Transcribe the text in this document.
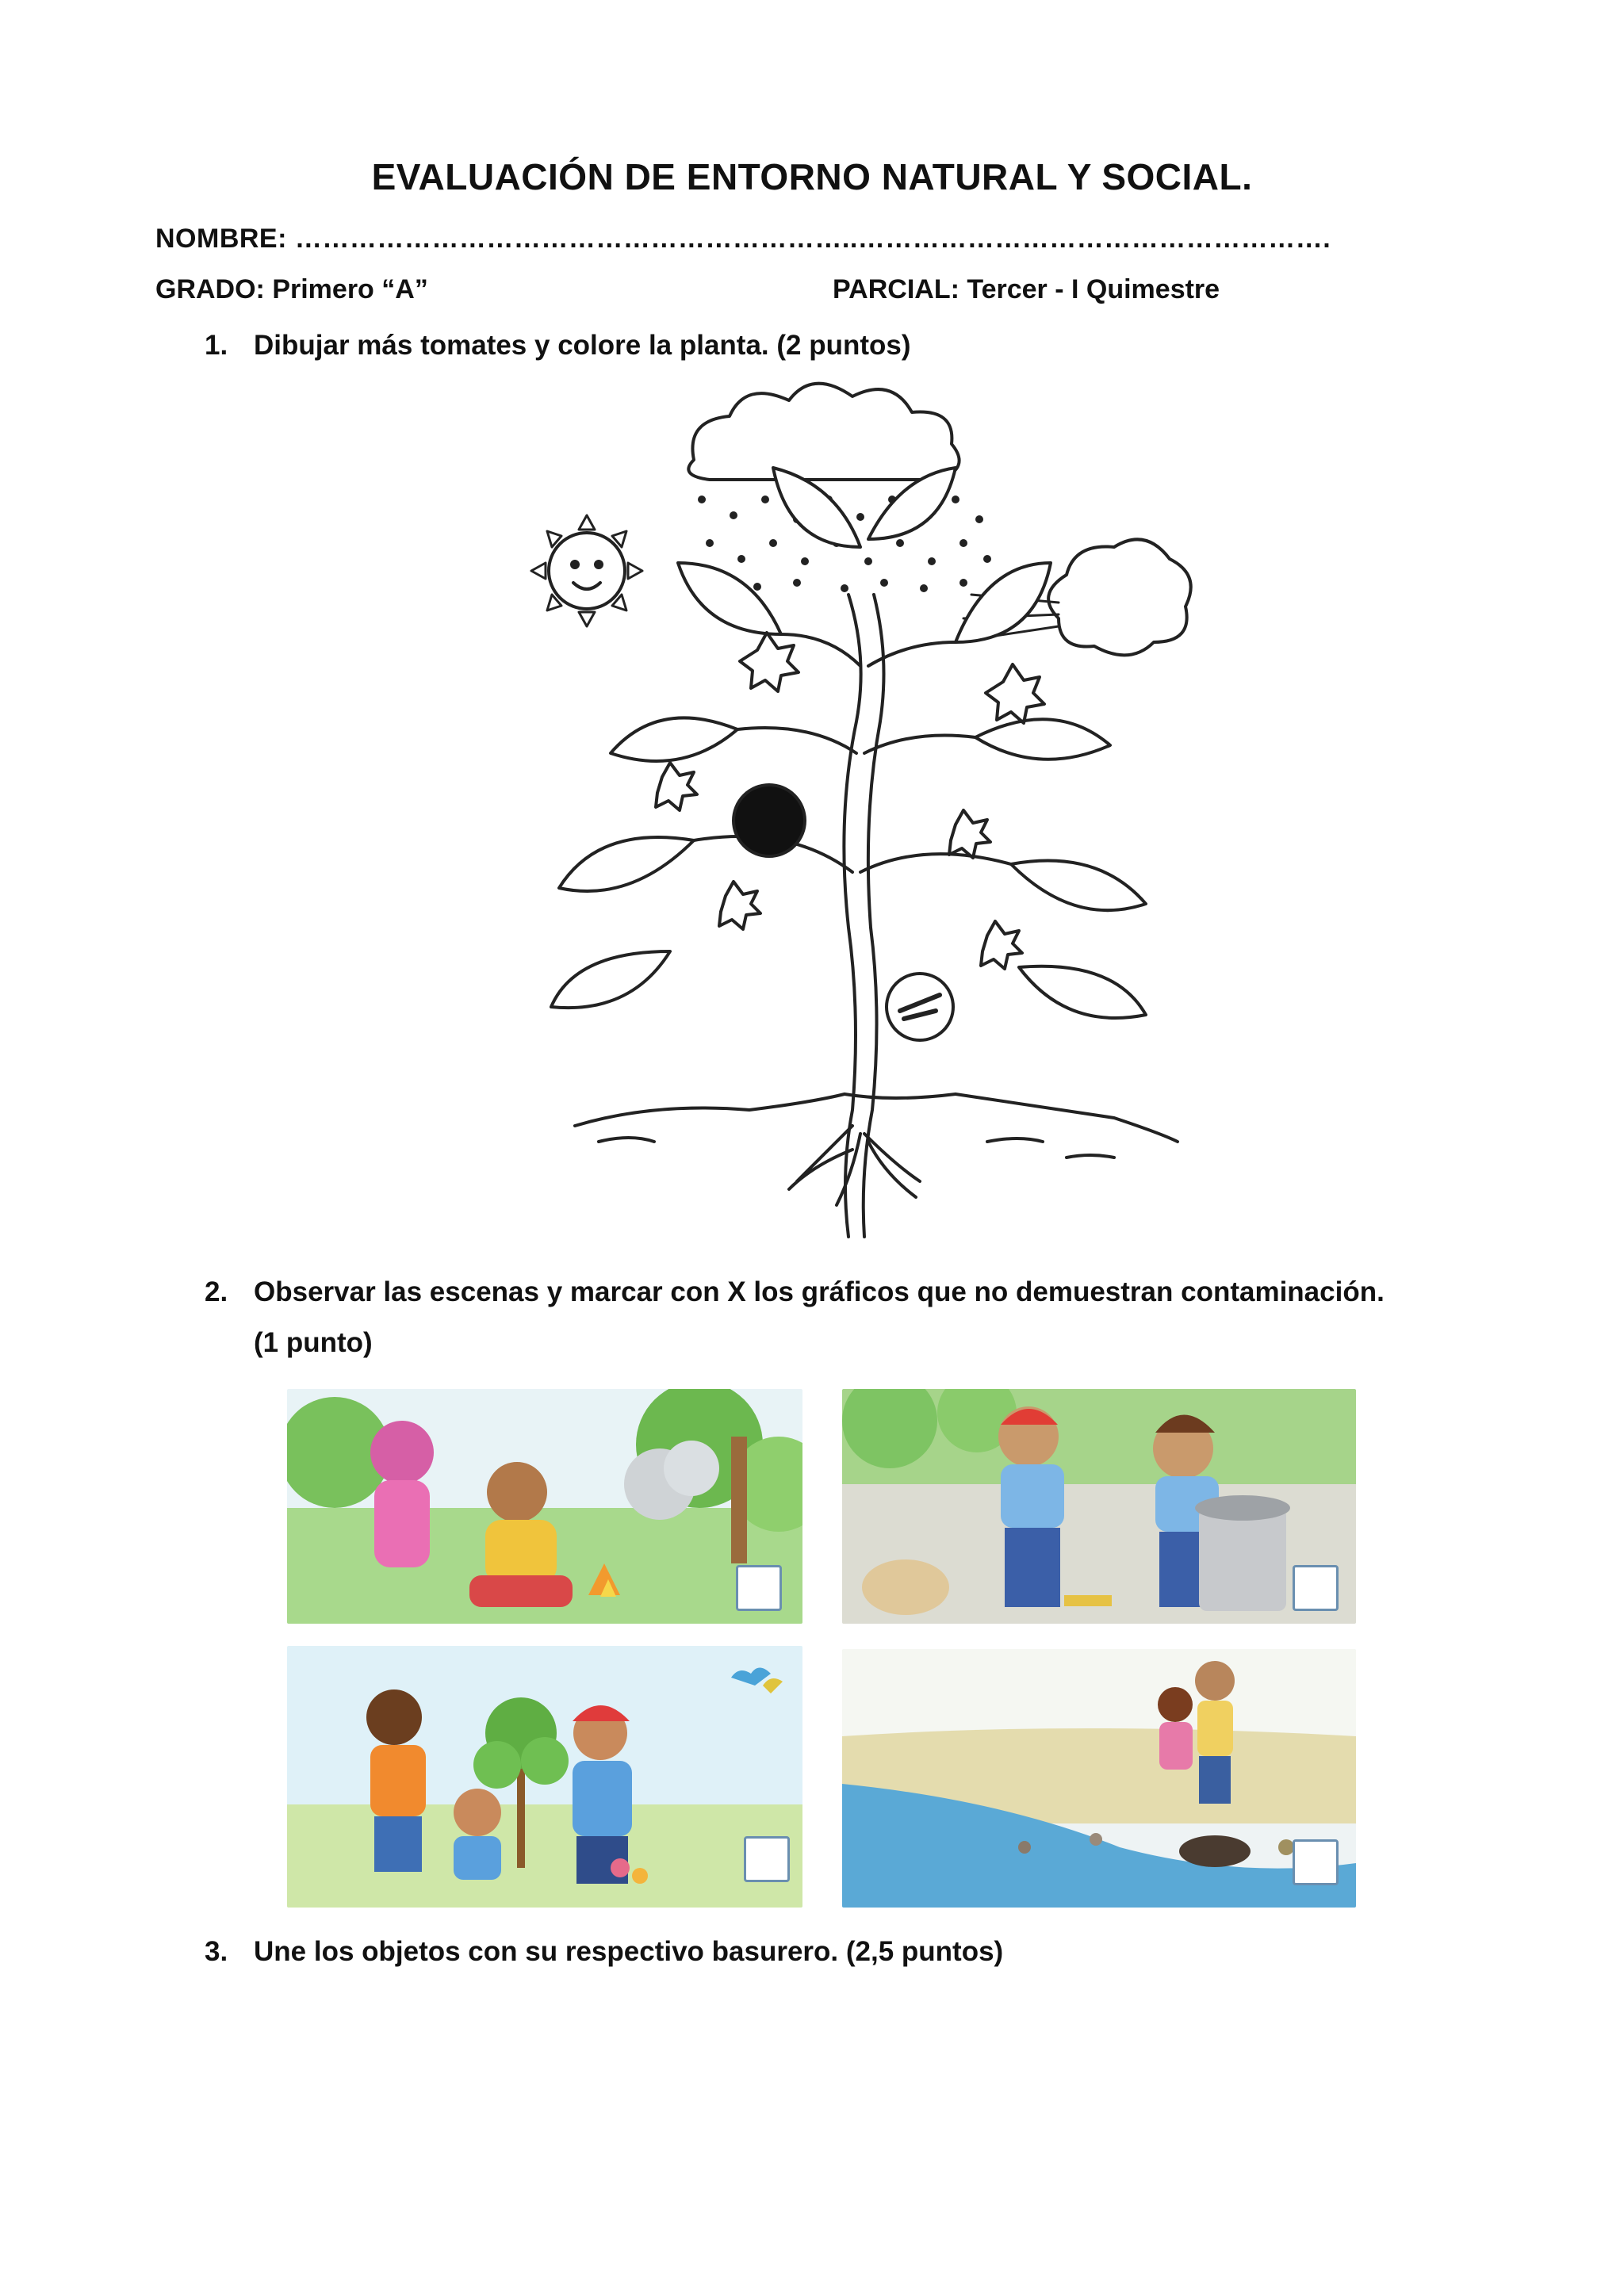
EVALUACIÓN DE ENTORNO NATURAL Y SOCIAL.
NOMBRE: ……………………………………………………..…………………………………………….
GRADO: Primero “A”	PARCIAL: Tercer - I Quimestre
1. Dibujar más tomates y colore la planta. (2 puntos)
2. Observar las escenas y marcar con X los gráficos que no demuestran contaminación.
(1 punto)
3. Une los objetos con su respectivo basurero. (2,5 puntos)
